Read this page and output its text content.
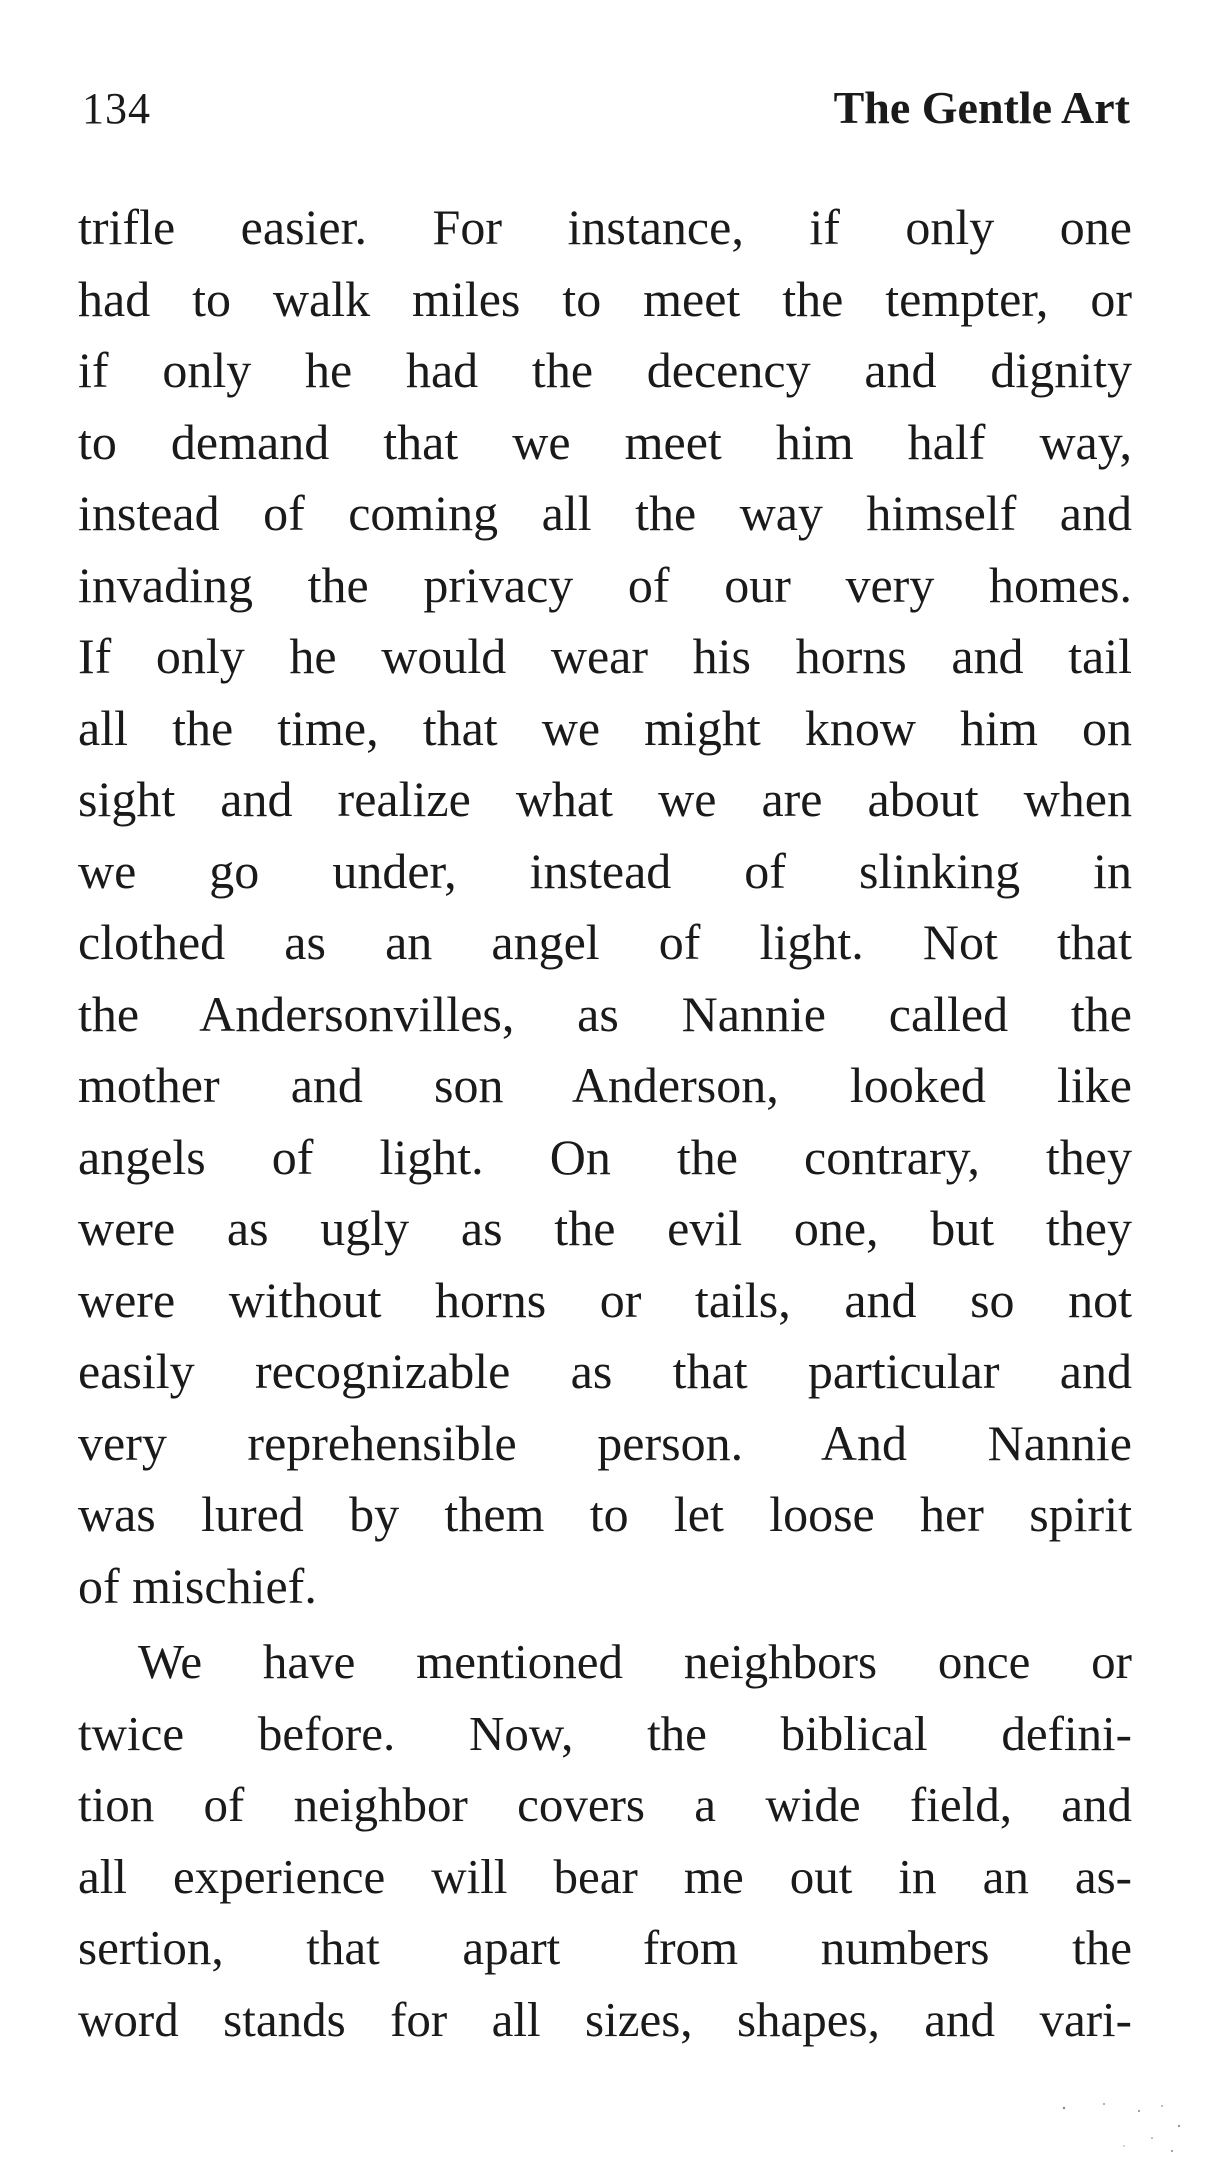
134	The Gentle Art
trifle easier. For instance, if only one
had to walk miles to meet the tempter, or
if only he had the decency and dignity
to demand that we meet him half way,
instead of coming all the way himself and
invading the privacy of our very homes.
If only he would wear his horns and tail
all the time, that we might know him on
sight and realize what we are about when
we go under, instead of slinking in
clothed as an angel of light. Not that
the Andersonvilles, as Nannie called the
mother and son Anderson, looked like
angels of light. On the contrary, they
were as ugly as the evil one, but they
were without horns or tails, and so not
easily recognizable as that particular and
very reprehensible person. And Nannie
was lured by them to let loose her spirit
of mischief.
We have mentioned neighbors once or
twice before. Now, the biblical defini-
tion of neighbor covers a wide field, and
all experience will bear me out in an as-
sertion, that apart from numbers the
word stands for all sizes, shapes, and vari-
